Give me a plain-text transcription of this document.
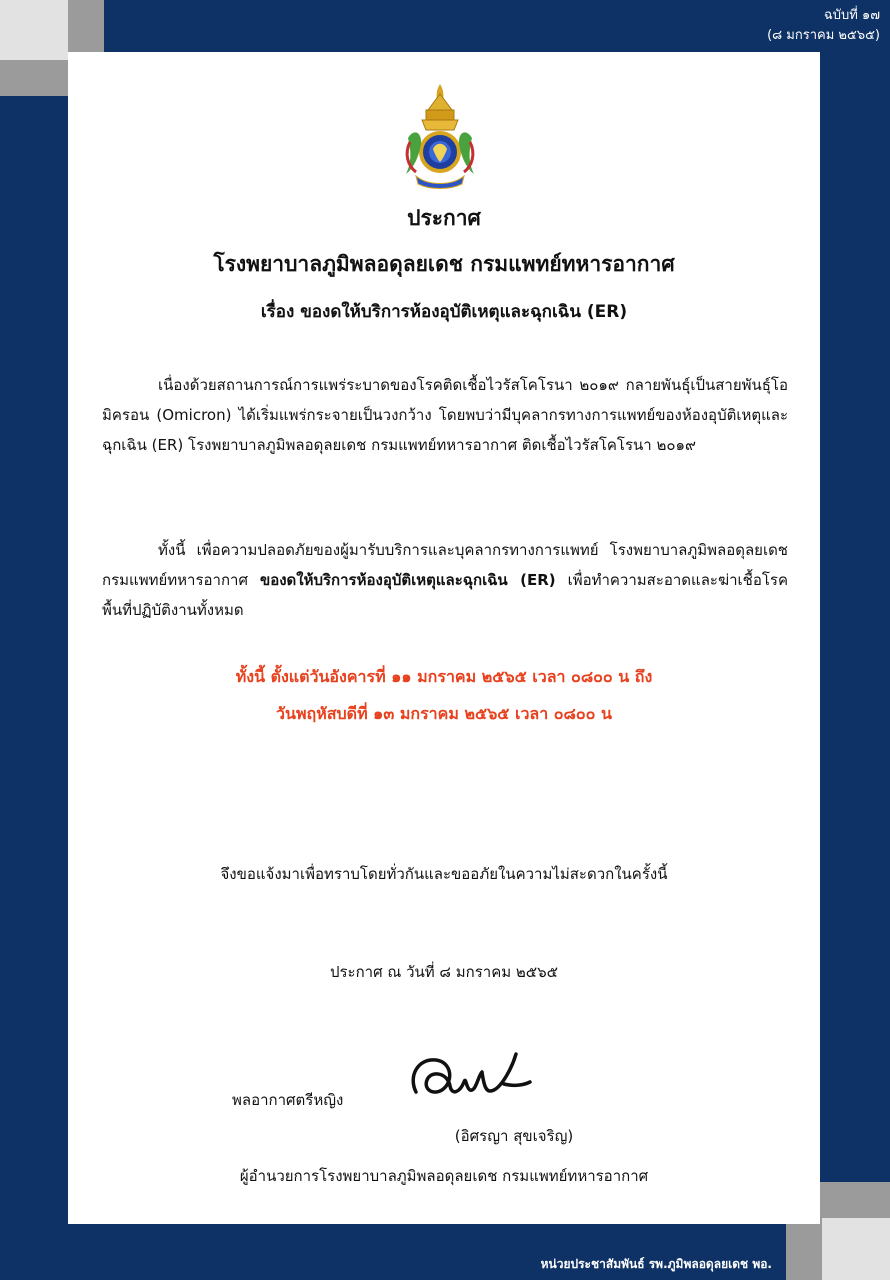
ฉบับที่ ๑๗
(๘ มกราคม ๒๕๖๕)
ประกาศ
โรงพยาบาลภูมิพลอดุลยเดช กรมแพทย์ทหารอากาศ
เรื่อง ของดให้บริการห้องอุบัติเหตุและฉุกเฉิน (ER)

เนื่องด้วยสถานการณ์การแพร่ระบาดของโรคติดเชื้อไวรัสโคโรนา ๒๐๑๙ กลายพันธุ์เป็นสายพันธุ์โอมิครอน (Omicron) ได้เริ่มแพร่กระจายเป็นวงกว้าง โดยพบว่ามีบุคลากรทางการแพทย์ของห้องอุบัติเหตุและฉุกเฉิน (ER) โรงพยาบาลภูมิพลอดุลยเดช กรมแพทย์ทหารอากาศ ติดเชื้อไวรัสโคโรนา ๒๐๑๙

ทั้งนี้ เพื่อความปลอดภัยของผู้มารับบริการและบุคลากรทางการแพทย์ โรงพยาบาลภูมิพลอดุลยเดช กรมแพทย์ทหารอากาศ ของดให้บริการห้องอุบัติเหตุและฉุกเฉิน (ER) เพื่อทำความสะอาดและฆ่าเชื้อโรคพื้นที่ปฏิบัติงานทั้งหมด

ทั้งนี้ ตั้งแต่วันอังคารที่ ๑๑ มกราคม ๒๕๖๕ เวลา ๐๘๐๐ น ถึง
วันพฤหัสบดีที่ ๑๓ มกราคม ๒๕๖๕ เวลา ๐๘๐๐ น
จึงขอแจ้งมาเพื่อทราบโดยทั่วกันและขออภัยในความไม่สะดวกในครั้งนี้
ประกาศ ณ วันที่ ๘ มกราคม ๒๕๖๕
พลอากาศตรีหญิง
(อิศรญา สุขเจริญ)
ผู้อำนวยการโรงพยาบาลภูมิพลอดุลยเดช กรมแพทย์ทหารอากาศ
หน่วยประชาสัมพันธ์ รพ.ภูมิพลอดุลยเดช พอ.
